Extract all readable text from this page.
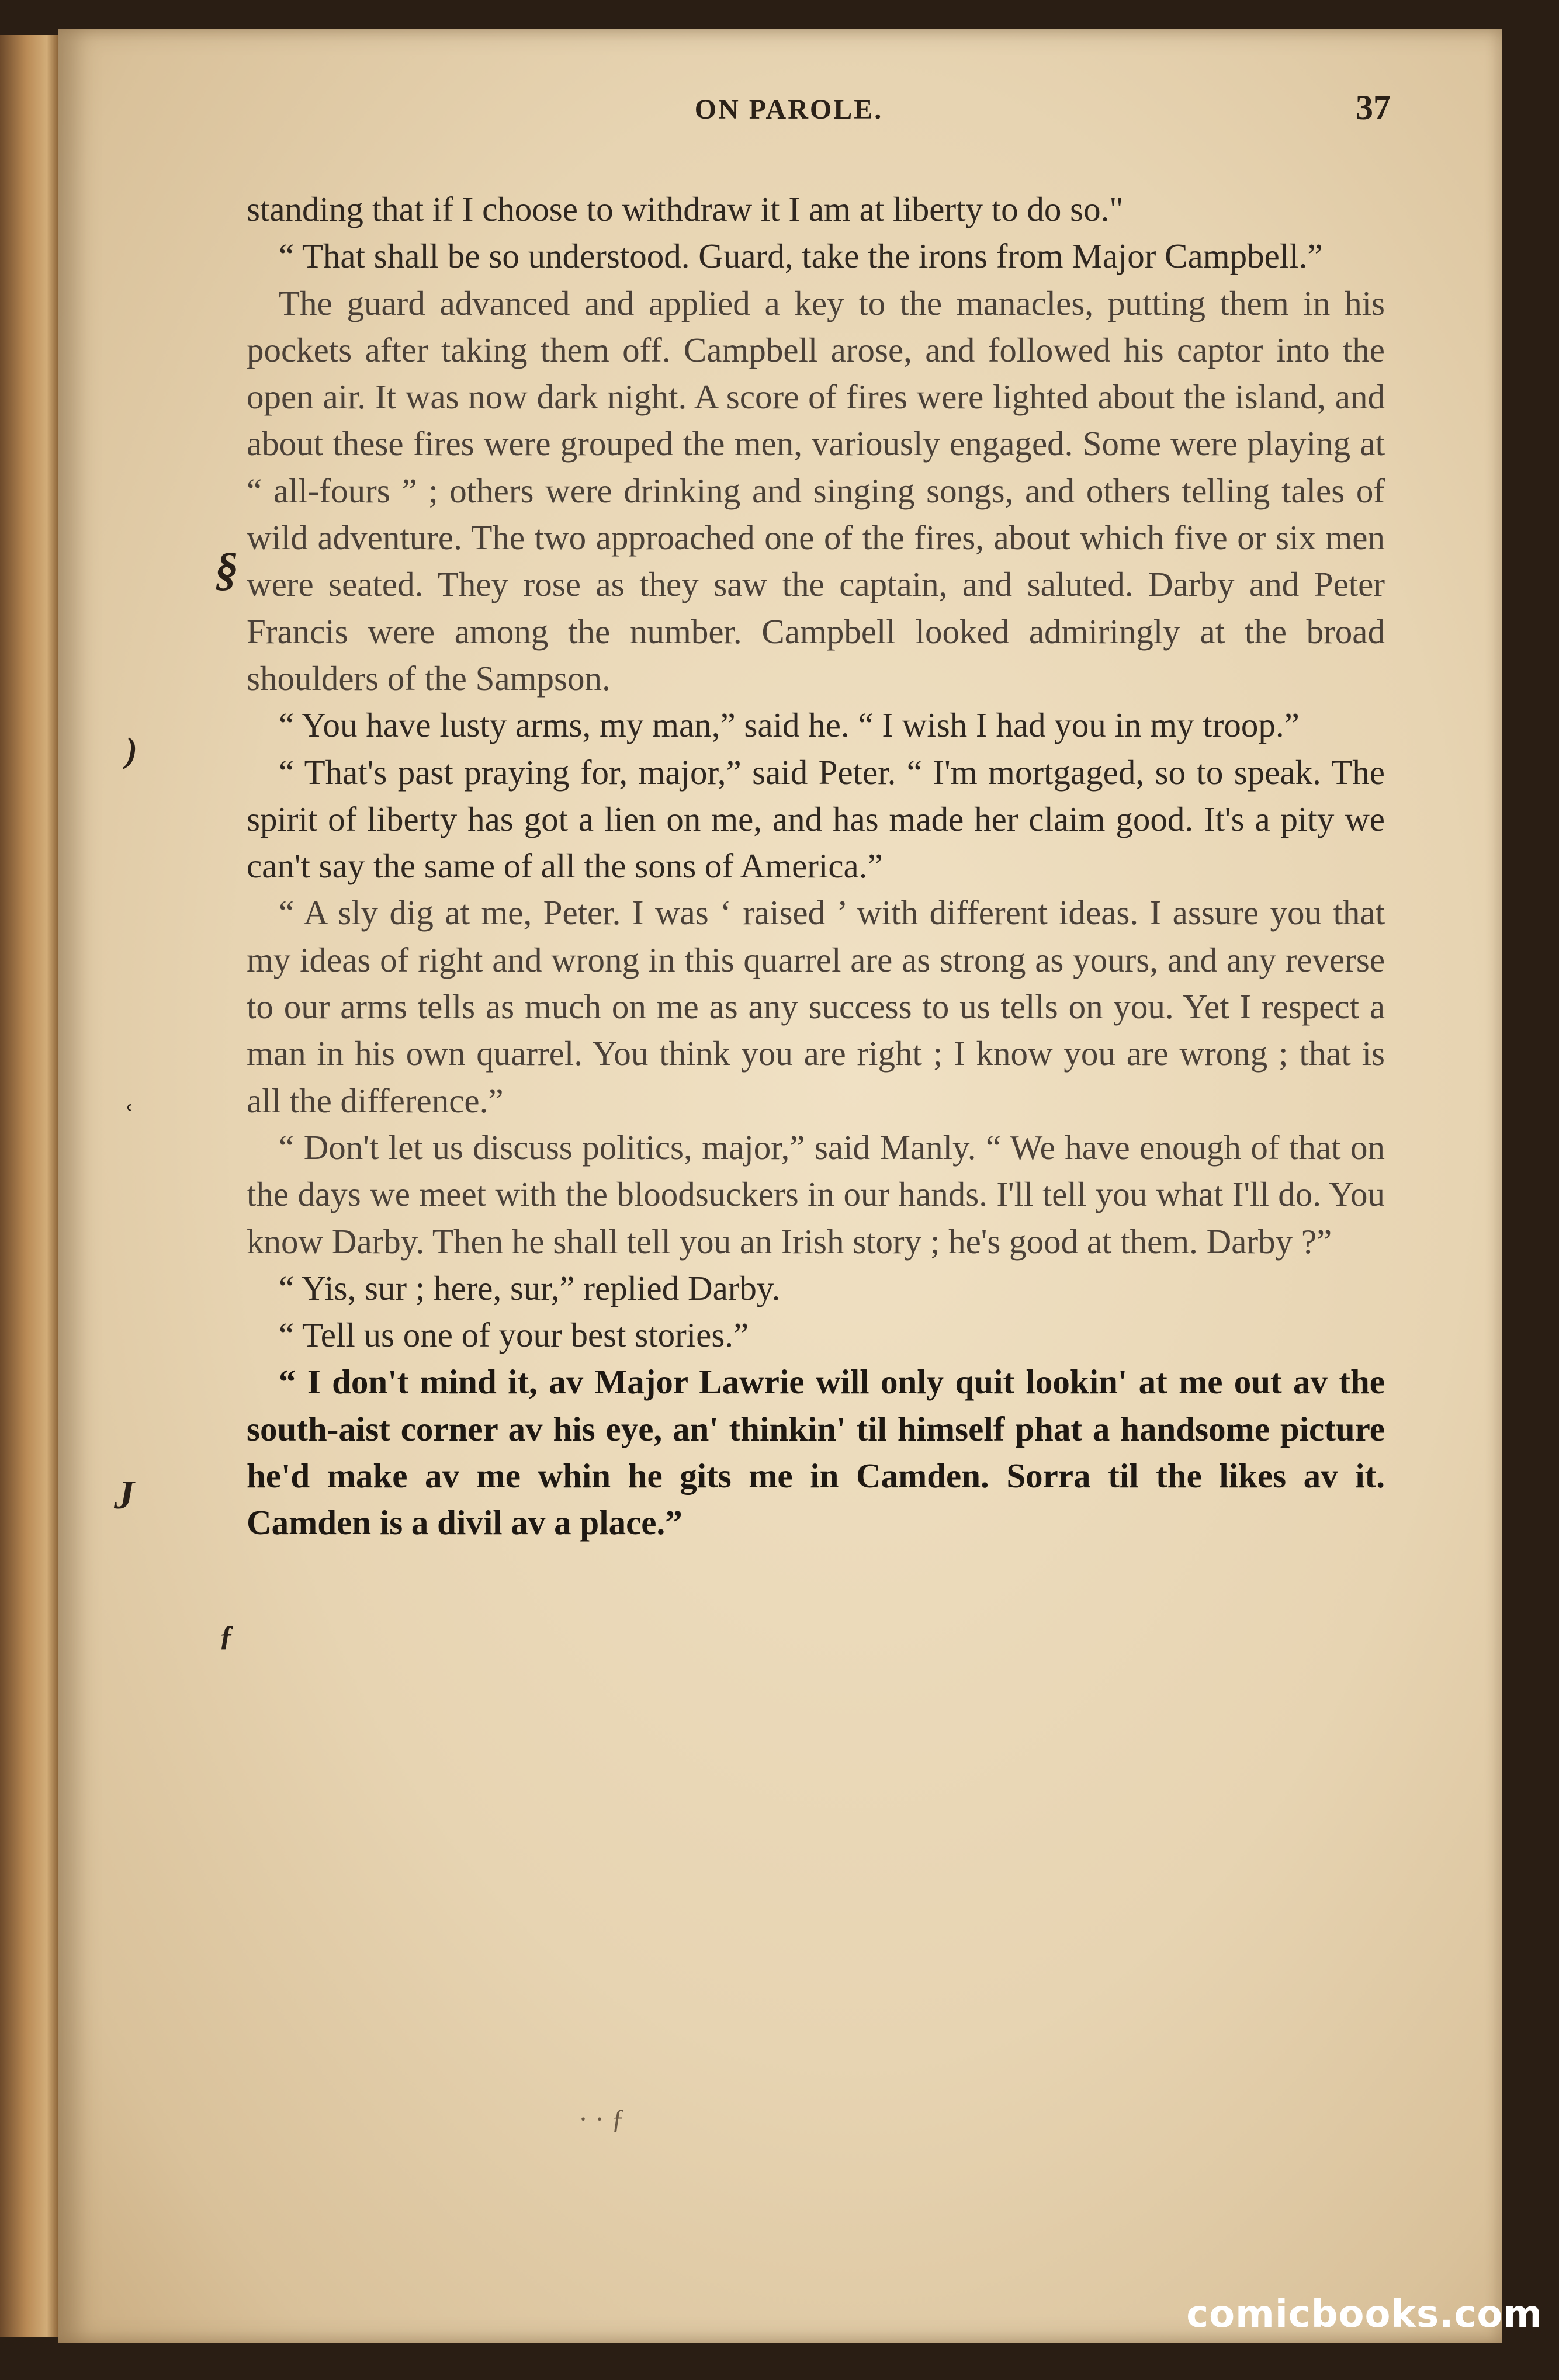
ON PAROLE.	37

standing that if I choose to withdraw it I am at liberty to do so."

“ That shall be so understood. Guard, take the irons from Major Campbell.”

The guard advanced and applied a key to the manacles, putting them in his pockets after taking them off. Campbell arose, and followed his captor into the open air. It was now dark night. A score of fires were lighted about the island, and about these fires were grouped the men, variously engaged. Some were playing at “ all-fours ” ; others were drinking and singing songs, and others telling tales of wild adventure. The two approached one of the fires, about which five or six men were seated. They rose as they saw the captain, and saluted. Darby and Peter Francis were among the number. Campbell looked admiringly at the broad shoulders of the Sampson.

“ You have lusty arms, my man,” said he. “ I wish I had you in my troop.”

“ That's past praying for, major,” said Peter. “ I'm mortgaged, so to speak. The spirit of liberty has got a lien on me, and has made her claim good. It's a pity we can't say the same of all the sons of America.”

“ A sly dig at me, Peter. I was ‘ raised ’ with different ideas. I assure you that my ideas of right and wrong in this quarrel are as strong as yours, and any reverse to our arms tells as much on me as any success to us tells on you. Yet I respect a man in his own quarrel. You think you are right ; I know you are wrong ; that is all the difference.”

“ Don't let us discuss politics, major,” said Manly. “ We have enough of that on the days we meet with the bloodsuckers in our hands. I'll tell you what I'll do. You know Darby. Then he shall tell you an Irish story ; he's good at them. Darby ?”

“ Yis, sur ; here, sur,” replied Darby.

“ Tell us one of your best stories.”

“ I don't mind it, av Major Lawrie will only quit lookin' at me out av the south-aist corner av his eye, an' thinkin' til himself phat a handsome picture he'd make av me whin he gits me in Camden. Sorra til the likes av it. Camden is a divil av a place.”

· · ƒ
§
)
ʿ
J
ƒ
comicbooks.com
